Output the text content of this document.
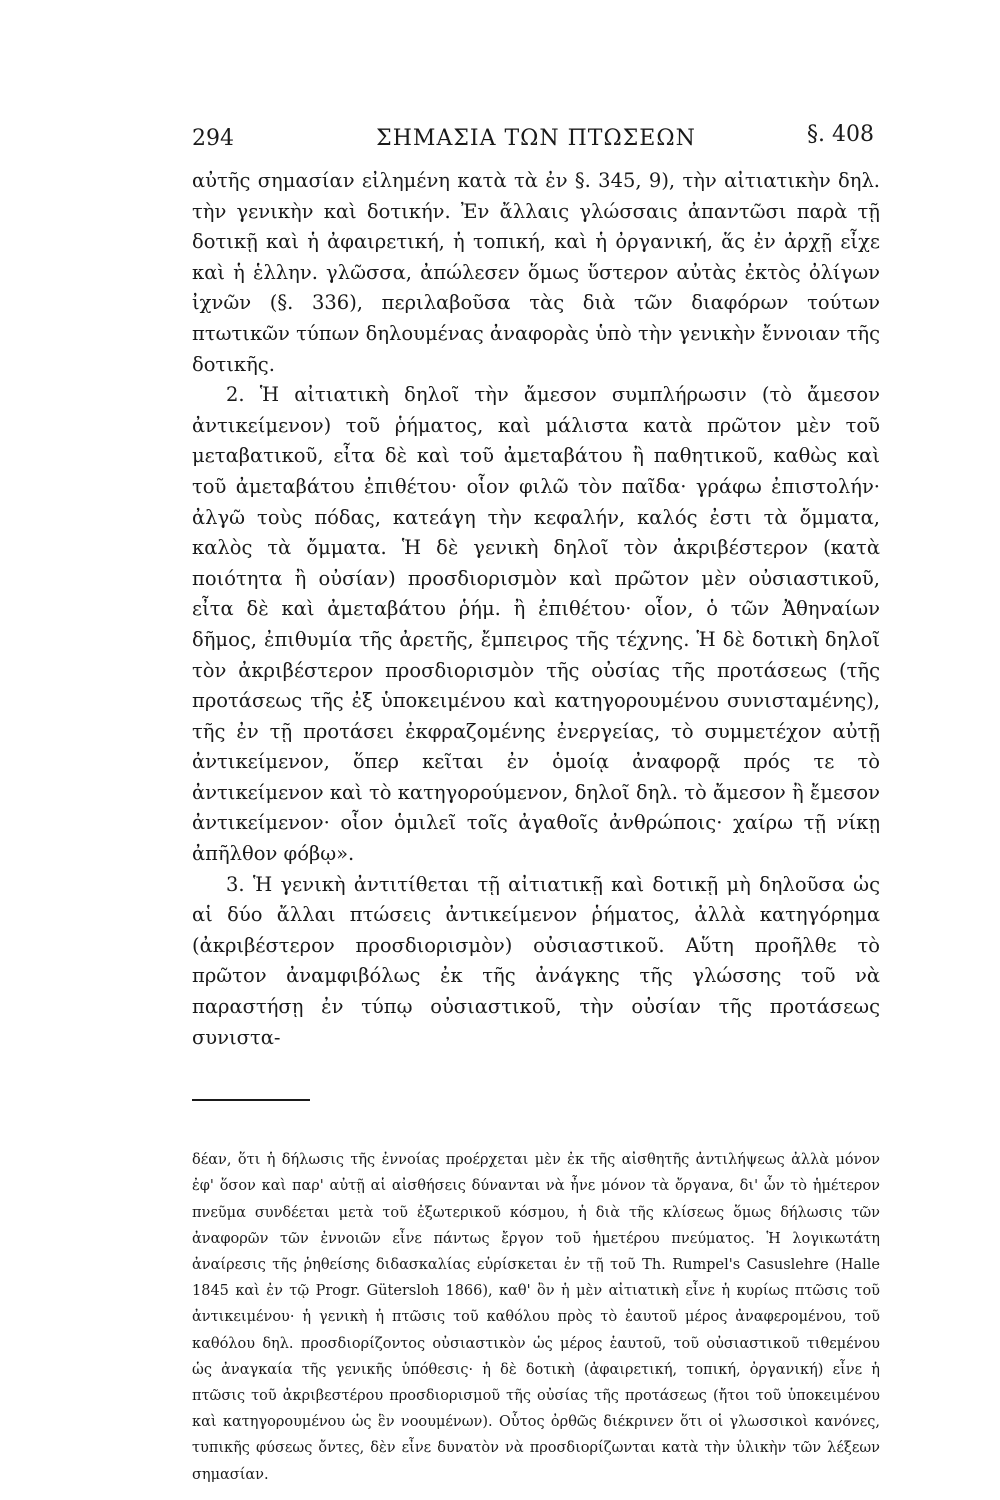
294	ΣΗΜΑΣΙΑ ΤΩΝ ΠΤΩΣΕΩΝ	§. 408

αὐτῆς σημασίαν εἰλημένη κατὰ τὰ ἐν §. 345, 9), τὴν αἰτιατικὴν δηλ. τὴν γενικὴν καὶ δοτικήν. Ἐν ἄλλαις γλώσσαις ἀπαντῶσι παρὰ τῇ δοτικῇ καὶ ἡ ἀφαιρετική, ἡ τοπική, καὶ ἡ ὀργανική, ἅς ἐν ἀρχῇ εἶχε καὶ ἡ ἑλλην. γλῶσσα, ἀπώλεσεν ὅμως ὕστερον αὐτὰς ἐκτὸς ὀλίγων ἰχνῶν (§. 336), περιλαβοῦσα τὰς διὰ τῶν διαφόρων τούτων πτωτικῶν τύπων δηλουμένας ἀναφορὰς ὑπὸ τὴν γενικὴν ἔννοιαν τῆς δοτικῆς.

2. Ἡ αἰτιατικὴ δηλοῖ τὴν ἄμεσον συμπλήρωσιν (τὸ ἄμεσον ἀντικείμενον) τοῦ ῥήματος, καὶ μάλιστα κατὰ πρῶτον μὲν τοῦ μεταβατικοῦ, εἶτα δὲ καὶ τοῦ ἀμεταβάτου ἢ παθητικοῦ, καθὼς καὶ τοῦ ἀμεταβάτου ἐπιθέτου· οἷον φιλῶ τὸν παῖδα· γράφω ἐπιστολήν· ἀλγῶ τοὺς πόδας, κατεάγη τὴν κεφαλήν, καλός ἐστι τὰ ὄμματα, καλὸς τὰ ὄμματα. Ἡ δὲ γενικὴ δηλοῖ τὸν ἀκριβέστερον (κατὰ ποιότητα ἢ οὐσίαν) προσδιορισμὸν καὶ πρῶτον μὲν οὐσιαστικοῦ, εἶτα δὲ καὶ ἀμεταβάτου ῥήμ. ἢ ἐπιθέτου· οἷον, ὁ τῶν Ἀθηναίων δῆμος, ἐπιθυμία τῆς ἀρετῆς, ἔμπειρος τῆς τέχνης. Ἡ δὲ δοτικὴ δηλοῖ τὸν ἀκριβέστερον προσδιορισμὸν τῆς οὐσίας τῆς προτάσεως (τῆς προτάσεως τῆς ἐξ ὑποκειμένου καὶ κατηγορουμένου συνισταμένης), τῆς ἐν τῇ προτάσει ἐκφραζομένης ἐνεργείας, τὸ συμμετέχον αὐτῇ ἀντικείμενον, ὅπερ κεῖται ἐν ὁμοίᾳ ἀναφορᾷ πρός τε τὸ ἀντικείμενον καὶ τὸ κατηγορούμενον, δηλοῖ δηλ. τὸ ἄμεσον ἢ ἔμεσον ἀντικείμενον· οἷον ὁμιλεῖ τοῖς ἀγαθοῖς ἀνθρώποις· χαίρω τῇ νίκῃ ἀπῆλθον φόβῳ».

3. Ἡ γενικὴ ἀντιτίθεται τῇ αἰτιατικῇ καὶ δοτικῇ μὴ δηλοῦσα ὡς αἱ δύο ἄλλαι πτώσεις ἀντικείμενον ῥήματος, ἀλλὰ κατηγόρημα (ἀκριβέστερον προσδιορισμὸν) οὐσιαστικοῦ. Αὕτη προῆλθε τὸ πρῶτον ἀναμφιβόλως ἐκ τῆς ἀνάγκης τῆς γλώσσης τοῦ νὰ παραστήσῃ ἐν τύπῳ οὐσιαστικοῦ, τὴν οὐσίαν τῆς προτάσεως συνιστα-

δέαν, ὅτι ἡ δήλωσις τῆς ἐννοίας προέρχεται μὲν ἐκ τῆς αἰσθητῆς ἀντιλήψεως ἀλλὰ μόνον ἐφ' ὅσον καὶ παρ' αὐτῇ αἱ αἰσθήσεις δύνανται νὰ ἦνε μόνον τὰ ὄργανα, δι' ὧν τὸ ἡμέτερον πνεῦμα συνδέεται μετὰ τοῦ ἐξωτερικοῦ κόσμου, ἡ διὰ τῆς κλίσεως ὅμως δήλωσις τῶν ἀναφορῶν τῶν ἐννοιῶν εἶνε πάντως ἔργον τοῦ ἡμετέρου πνεύματος. Ἡ λογικωτάτη ἀναίρεσις τῆς ῥηθείσης διδασκαλίας εὑρίσκεται ἐν τῇ τοῦ Th. Rumpel's Casuslehre (Halle 1845 καὶ ἐν τῷ Progr. Gütersloh 1866), καθ' ὃν ἡ μὲν αἰτιατικὴ εἶνε ἡ κυρίως πτῶσις τοῦ ἀντικειμένου· ἡ γενικὴ ἡ πτῶσις τοῦ καθόλου πρὸς τὸ ἑαυτοῦ μέρος ἀναφερομένου, τοῦ καθόλου δηλ. προσδιορίζοντος οὐσιαστικὸν ὡς μέρος ἑαυτοῦ, τοῦ οὐσιαστικοῦ τιθεμένου ὡς ἀναγκαία τῆς γενικῆς ὑπόθεσις· ἡ δὲ δοτικὴ (ἀφαιρετική, τοπική, ὀργανική) εἶνε ἡ πτῶσις τοῦ ἀκριβεστέρου προσδιορισμοῦ τῆς οὐσίας τῆς προτάσεως (ἤτοι τοῦ ὑποκειμένου καὶ κατηγορουμένου ὡς ἓν νοουμένων). Οὗτος ὀρθῶς διέκρινεν ὅτι οἱ γλωσσικοὶ κανόνες, τυπικῆς φύσεως ὄντες, δὲν εἶνε δυνατὸν νὰ προσδιορίζωνται κατὰ τὴν ὑλικὴν τῶν λέξεων σημασίαν.
